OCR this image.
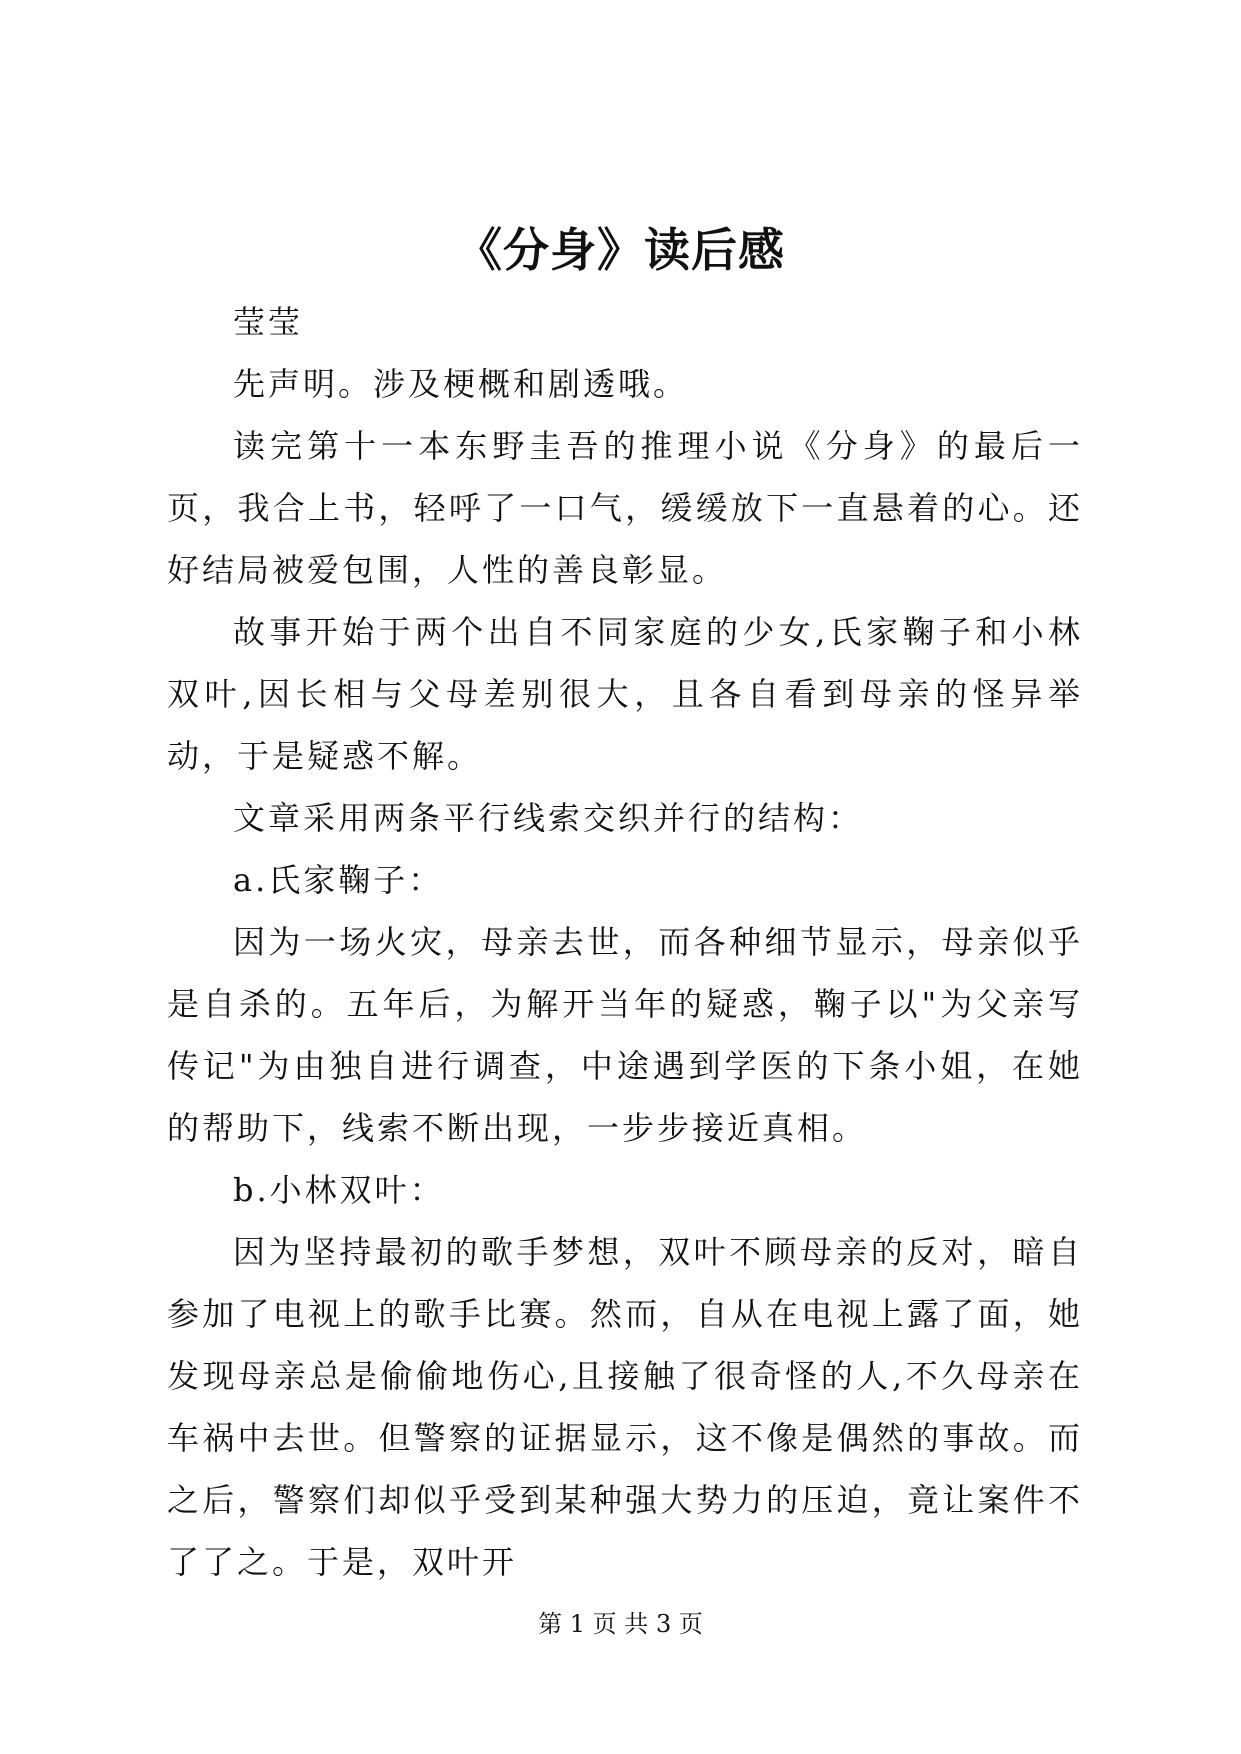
《分身》读后感

莹莹

先声明。涉及梗概和剧透哦。

读完第十一本东野圭吾的推理小说《分身》的最后一页，我合上书，轻呼了一口气，缓缓放下一直悬着的心。还好结局被爱包围，人性的善良彰显。

故事开始于两个出自不同家庭的少女,氏家鞠子和小林双叶,因长相与父母差别很大，且各自看到母亲的怪异举动，于是疑惑不解。

文章采用两条平行线索交织并行的结构：

a.氏家鞠子：

因为一场火灾，母亲去世，而各种细节显示，母亲似乎是自杀的。五年后，为解开当年的疑惑，鞠子以"为父亲写传记"为由独自进行调查，中途遇到学医的下条小姐，在她的帮助下，线索不断出现，一步步接近真相。

b.小林双叶：

因为坚持最初的歌手梦想，双叶不顾母亲的反对，暗自参加了电视上的歌手比赛。然而，自从在电视上露了面，她发现母亲总是偷偷地伤心,且接触了很奇怪的人,不久母亲在车祸中去世。但警察的证据显示，这不像是偶然的事故。而之后，警察们却似乎受到某种强大势力的压迫，竟让案件不了了之。于是，双叶开

第 1 页 共 3 页
